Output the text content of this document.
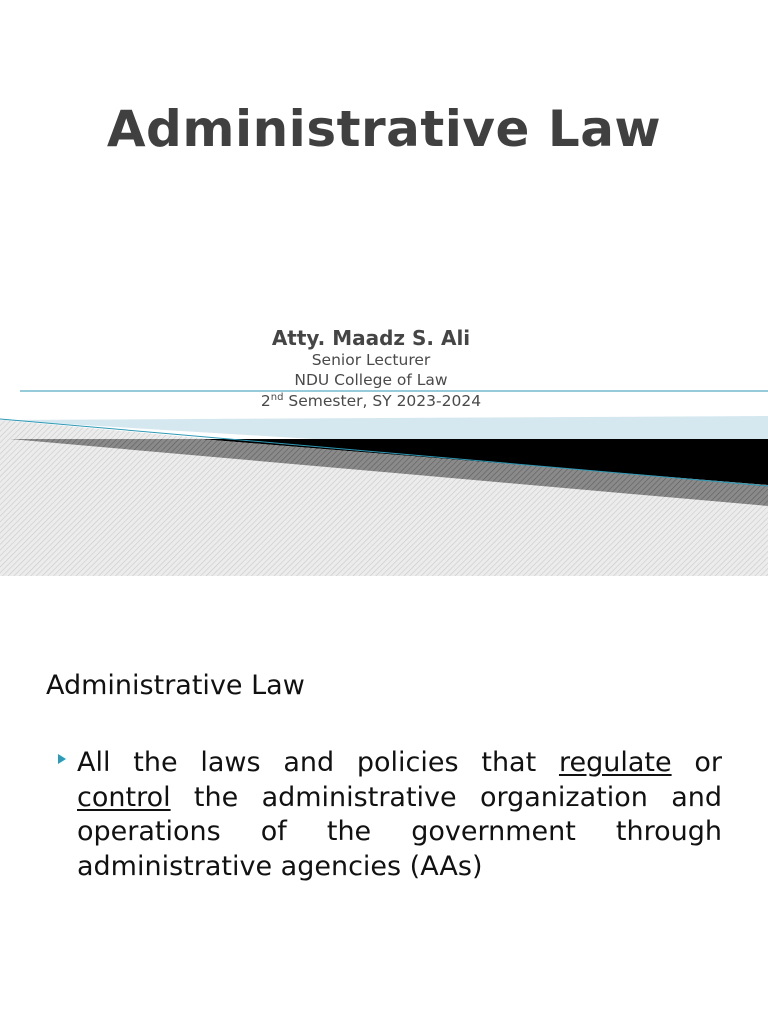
Administrative Law
Atty. Maadz S. Ali
Senior Lecturer
NDU College of Law
2nd Semester, SY 2023-2024
Administrative Law
All the laws and policies that regulate or control the administrative organization and operations of the government through administrative agencies (AAs)
